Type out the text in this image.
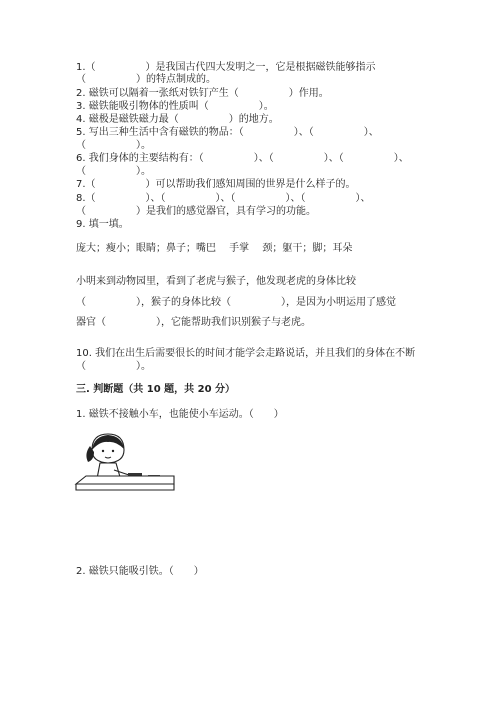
1.（　　　　　）是我国古代四大发明之一，它是根据磁铁能够指示
（　　　　　）的特点制成的。
2. 磁铁可以隔着一张纸对铁钉产生（　　　　　）作用。
3. 磁铁能吸引物体的性质叫（　　　　　）。
4. 磁极是磁铁磁力最（　　　　　）的地方。
5. 写出三种生活中含有磁铁的物品：（　　　　　）、（　　　　　）、
（　　　　　）。
6. 我们身体的主要结构有：（　　　　　）、（　　　　　）、（　　　　　）、
（　　　　　）。
7.（　　　　　）可以帮助我们感知周围的世界是什么样子的。
8.（　　　　　）、（　　　　　）、（　　　　　）、（　　　　　）、
（　　　　　）是我们的感觉器官，具有学习的功能。
9. 填一填。
庞大；瘦小；眼睛；鼻子；嘴巴　 手掌　 颈；躯干；脚；耳朵
小明来到动物园里，看到了老虎与猴子，他发现老虎的身体比较
（　　　　　），猴子的身体比较（　　　　　），是因为小明运用了感觉
器官（　　　　　），它能帮助我们识别猴子与老虎。
10. 我们在出生后需要很长的时间才能学会走路说话，并且我们的身体在不断
（　　　　　）。
三. 判断题（共 10 题，共 20 分）
1. 磁铁不接触小车，也能使小车运动。（　　）
2. 磁铁只能吸引铁。（　　）
